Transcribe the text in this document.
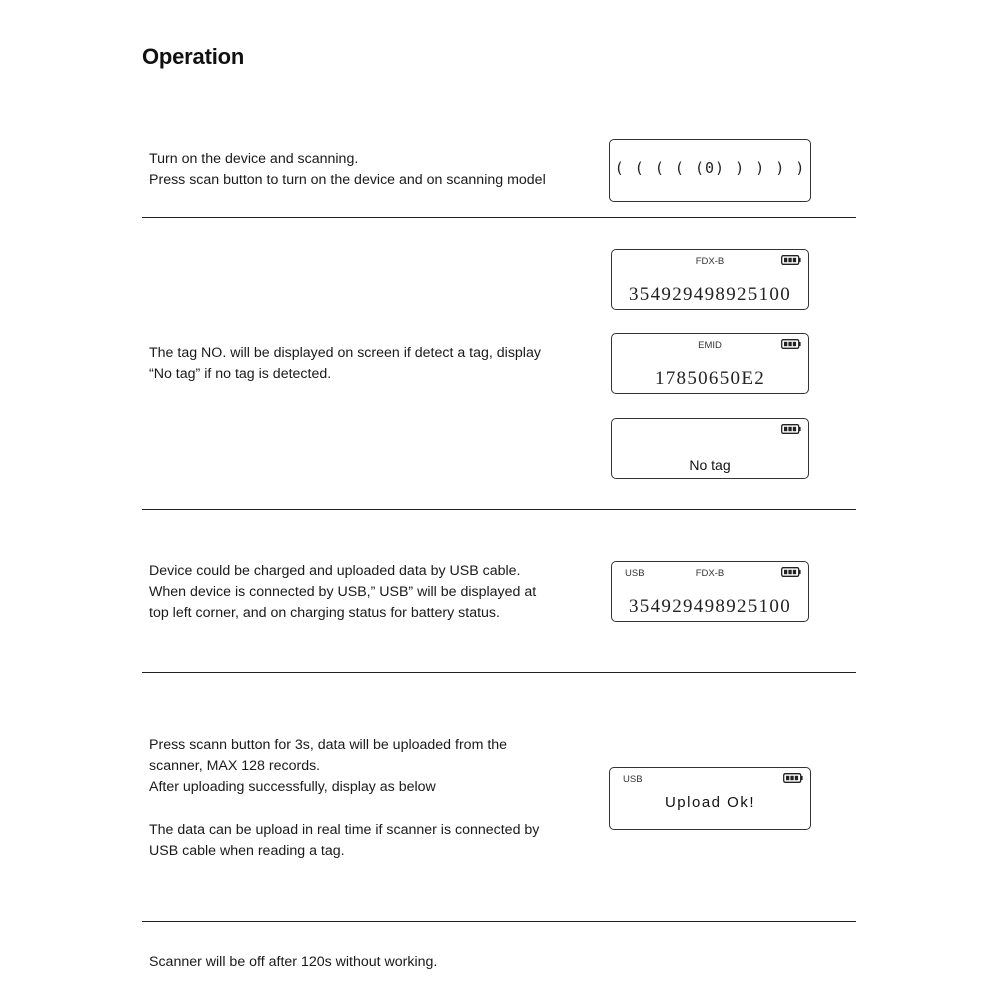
Operation

Turn on the device and scanning.

Press scan button to turn on the device and on scanning model

( ( ( ( (0) ) ) ) )

The tag NO. will be displayed on screen if detect a tag, display

“No tag” if no tag is detected.

FDX-B
354929498925100
EMID
17850650E2
No tag

Device could be charged and uploaded data by USB cable.

When device is connected by USB,” USB” will be displayed at

top left corner, and on charging status for battery status.

USB	FDX-B
354929498925100

Press scann button for 3s, data will be uploaded from the

scanner, MAX 128 records.

After uploading successfully, display as below

The data can be upload in real time if scanner is connected by

USB cable when reading a tag.

USB
Upload Ok!

Scanner will be off after 120s without working.
